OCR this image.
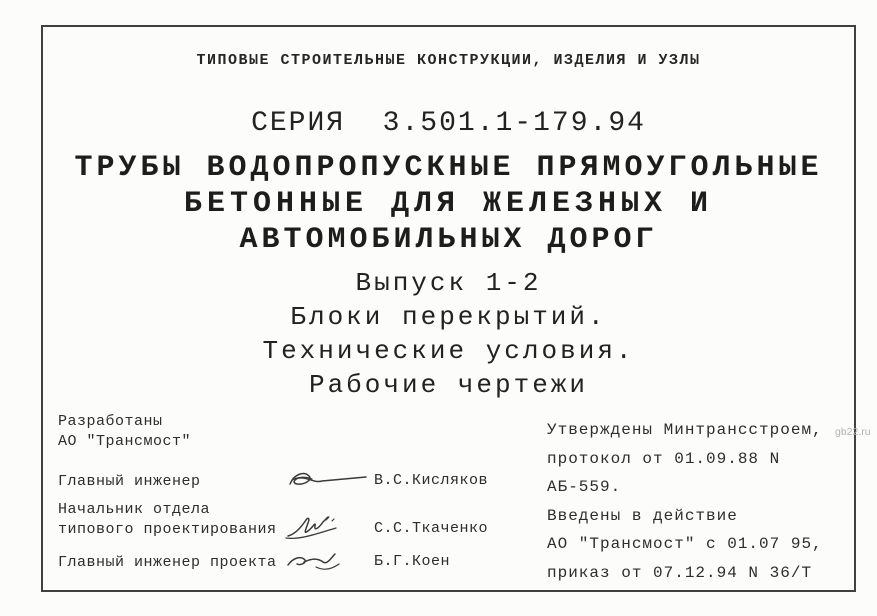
ТИПОВЫЕ СТРОИТЕЛЬНЫЕ КОНСТРУКЦИИ, ИЗДЕЛИЯ И УЗЛЫ
СЕРИЯ  3.501.1-179.94
ТРУБЫ ВОДОПРОПУСКНЫЕ ПРЯМОУГОЛЬНЫЕ
БЕТОННЫЕ ДЛЯ ЖЕЛЕЗНЫХ И
АВТОМОБИЛЬНЫХ ДОРОГ
Выпуск 1-2
Блоки перекрытий.
Технические условия.
Рабочие чертежи
Разработаны
АО "Трансмост"
Главный инженер	В.С.Кисляков
Начальник отдела
типового проектирования	С.С.Ткаченко
Главный инженер проекта	Б.Г.Коен
Утверждены Минтрансстроем,
протокол от 01.09.88 N АБ-559.
Введены в действие
АО "Трансмост" с 01.07 95,
приказ от 07.12.94 N 36/Т
gb22.ru
